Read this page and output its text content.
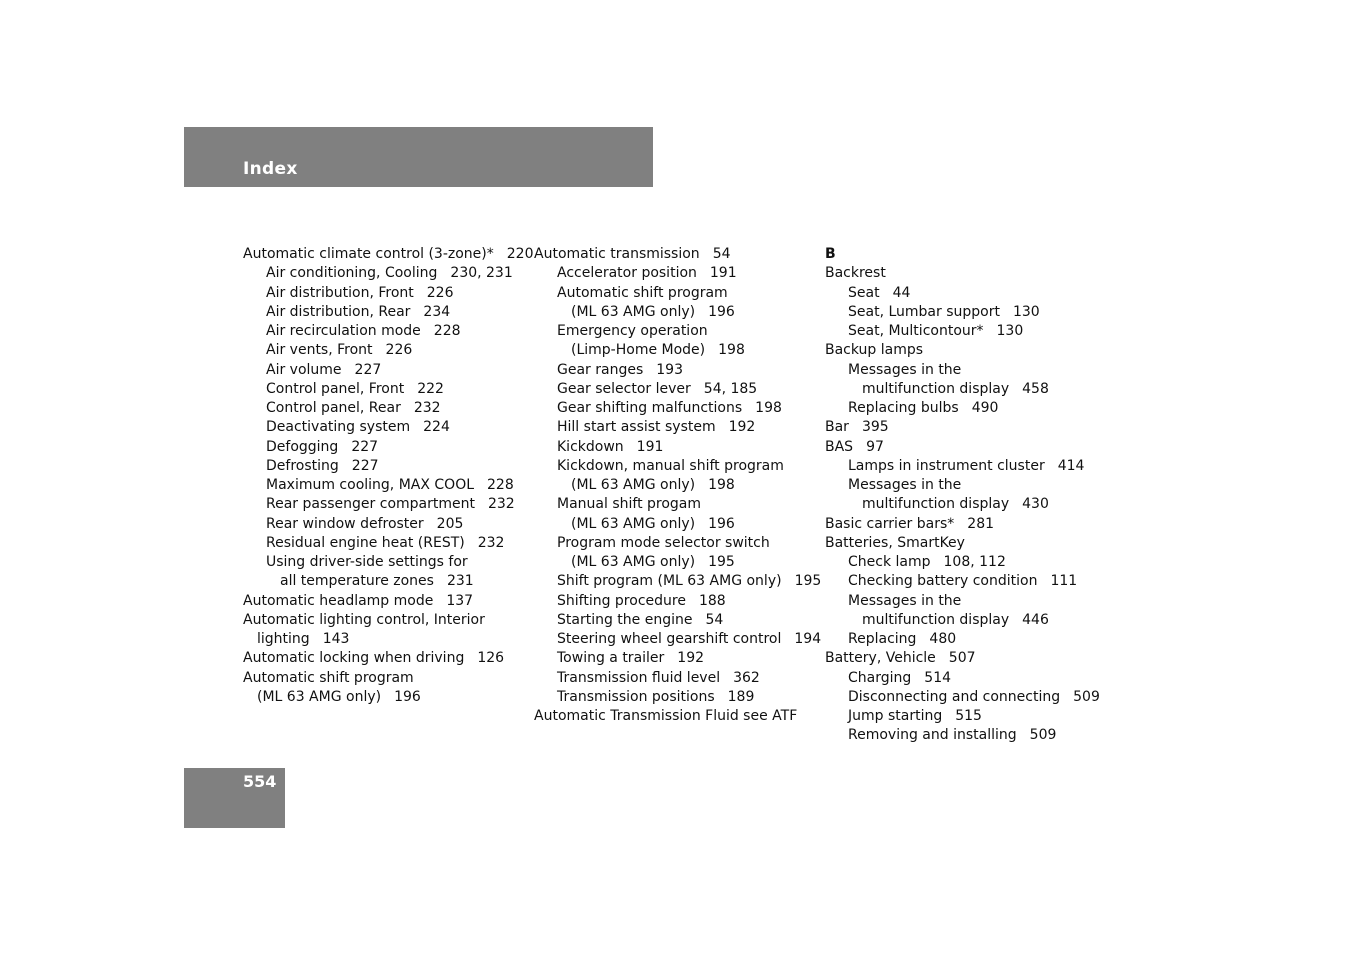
Index
Automatic climate control (3-zone)* 220
Air conditioning, Cooling 230, 231
Air distribution, Front 226
Air distribution, Rear 234
Air recirculation mode 228
Air vents, Front 226
Air volume 227
Control panel, Front 222
Control panel, Rear 232
Deactivating system 224
Defogging 227
Defrosting 227
Maximum cooling, MAX COOL 228
Rear passenger compartment 232
Rear window defroster 205
Residual engine heat (REST) 232
Using driver-side settings for
all temperature zones 231
Automatic headlamp mode 137
Automatic lighting control, Interior
lighting 143
Automatic locking when driving 126
Automatic shift program
(ML 63 AMG only) 196
Automatic transmission 54
Accelerator position 191
Automatic shift program
(ML 63 AMG only) 196
Emergency operation
(Limp-Home Mode) 198
Gear ranges 193
Gear selector lever 54, 185
Gear shifting malfunctions 198
Hill start assist system 192
Kickdown 191
Kickdown, manual shift program
(ML 63 AMG only) 198
Manual shift progam
(ML 63 AMG only) 196
Program mode selector switch
(ML 63 AMG only) 195
Shift program (ML 63 AMG only) 195
Shifting procedure 188
Starting the engine 54
Steering wheel gearshift control 194
Towing a trailer 192
Transmission fluid level 362
Transmission positions 189
Automatic Transmission Fluid see ATF
B
Backrest
Seat 44
Seat, Lumbar support 130
Seat, Multicontour* 130
Backup lamps
Messages in the
multifunction display 458
Replacing bulbs 490
Bar 395
BAS 97
Lamps in instrument cluster 414
Messages in the
multifunction display 430
Basic carrier bars* 281
Batteries, SmartKey
Check lamp 108, 112
Checking battery condition 111
Messages in the
multifunction display 446
Replacing 480
Battery, Vehicle 507
Charging 514
Disconnecting and connecting 509
Jump starting 515
Removing and installing 509
554
